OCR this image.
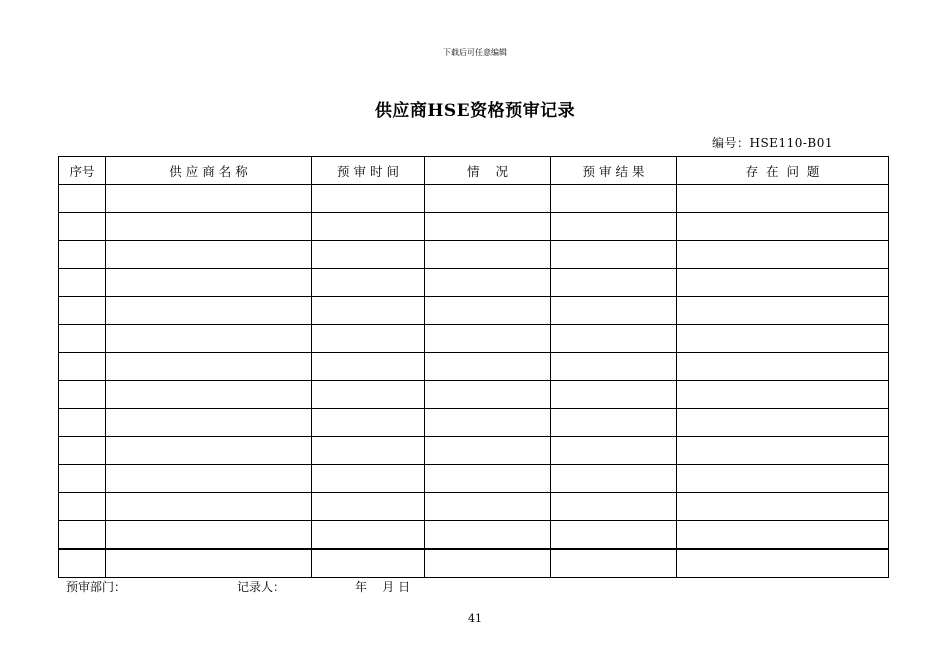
下载后可任意编辑
供应商HSE资格预审记录
编号：HSE110-B01
序号	供 应 商 名 称	预 审 时 间	情    况	预 审 结 果	存  在  问  题

预审部门：	记录人：	年    月 日
41
